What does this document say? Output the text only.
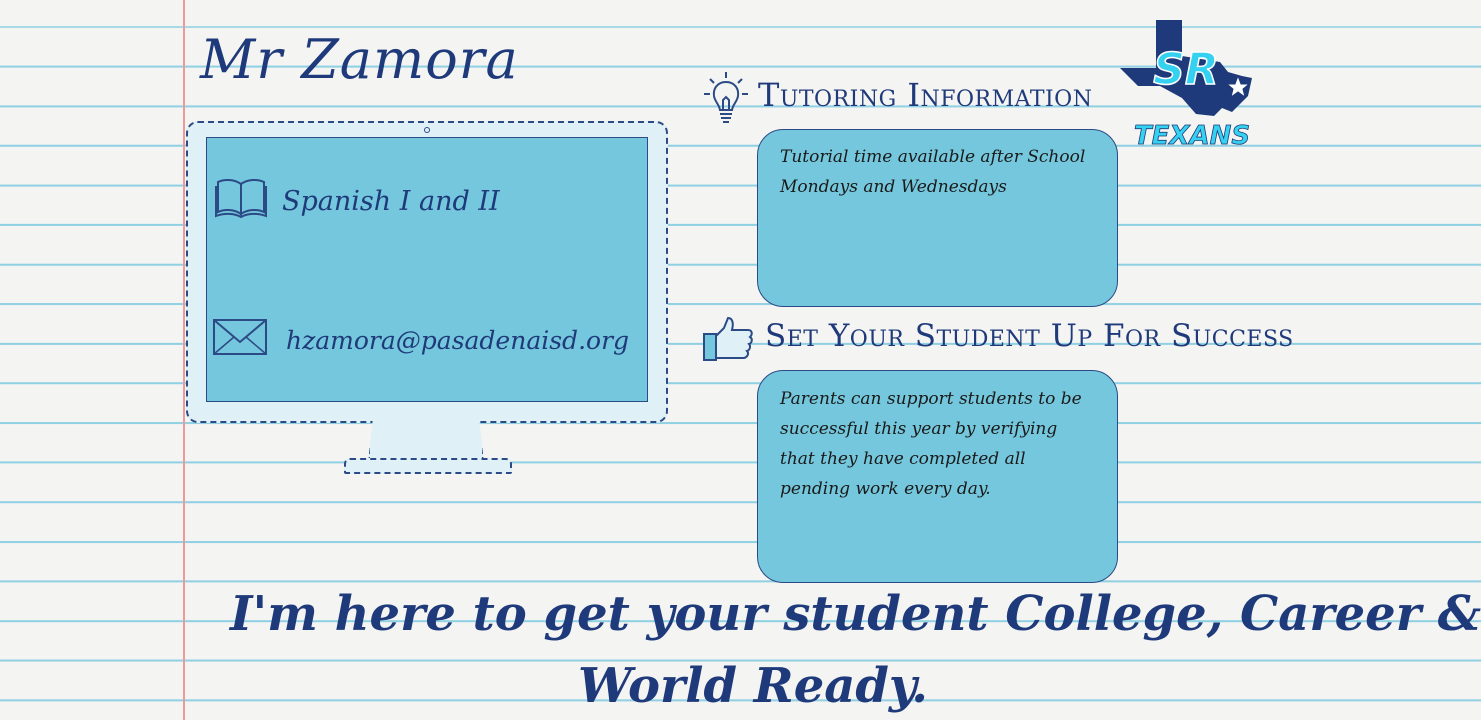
Mr Zamora
Spanish I and II
hzamora@pasadenaisd.org
Tutoring Information
Tutorial time available after School Mondays and Wednesdays
Set Your Student Up For Success
Parents can support students to be successful this year by verifying that they have completed all pending work every day.
I'm here to get your student College, Career &
World Ready.
SR
TEXANS
